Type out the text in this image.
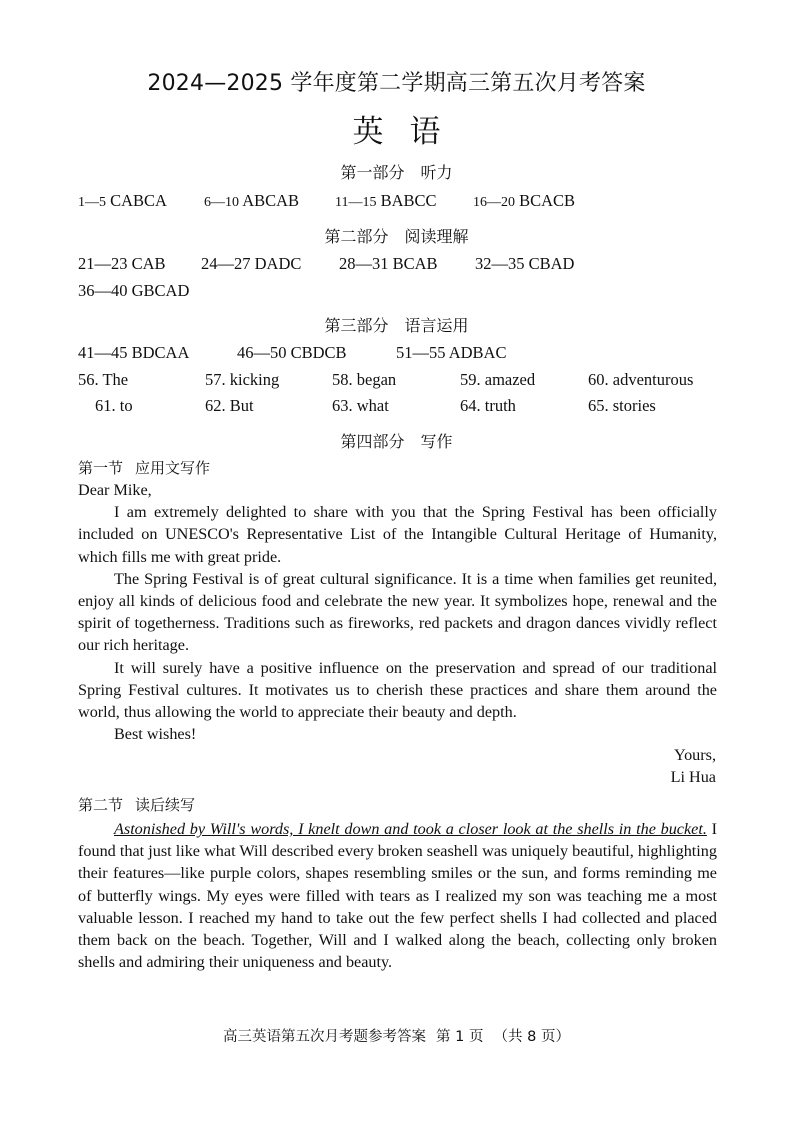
2024—2025 学年度第二学期高三第五次月考答案
英语
第一部分 听力
1—5 CABCA	6—10 ABCAB	11—15 BABCC	16—20 BCACB
第二部分 阅读理解
21—23 CAB 24—27 DADC 28—31 BCAB 32—35 CBAD
36—40 GBCAD
第三部分 语言运用
41—45 BDCAA	46—50 CBDCB	51—55 ADBAC
56. The	57. kicking	58. began	59. amazed	60. adventurous
61. to	62. But	63. what	64. truth	65. stories
第四部分 写作
第一节 应用文写作

Dear Mike,

I am extremely delighted to share with you that the Spring Festival has been officially included on UNESCO's Representative List of the Intangible Cultural Heritage of Humanity, which fills me with great pride.

The Spring Festival is of great cultural significance. It is a time when families get reunited, enjoy all kinds of delicious food and celebrate the new year. It symbolizes hope, renewal and the spirit of togetherness. Traditions such as fireworks, red packets and dragon dances vividly reflect our rich heritage.

It will surely have a positive influence on the preservation and spread of our traditional Spring Festival cultures. It motivates us to cherish these practices and share them around the world, thus allowing the world to appreciate their beauty and depth.

Best wishes!

Yours,
Li Hua
第二节 读后续写

Astonished by Will's words, I knelt down and took a closer look at the shells in the bucket. I found that just like what Will described every broken seashell was uniquely beautiful, highlighting their features—like purple colors, shapes resembling smiles or the sun, and forms reminding me of butterfly wings. My eyes were filled with tears as I realized my son was teaching me a most valuable lesson. I reached my hand to take out the few perfect shells I had collected and placed them back on the beach. Together, Will and I walked along the beach, collecting only broken shells and admiring their uniqueness and beauty.

高三英语第五次月考题参考答案 第 1 页 （共 8 页）
